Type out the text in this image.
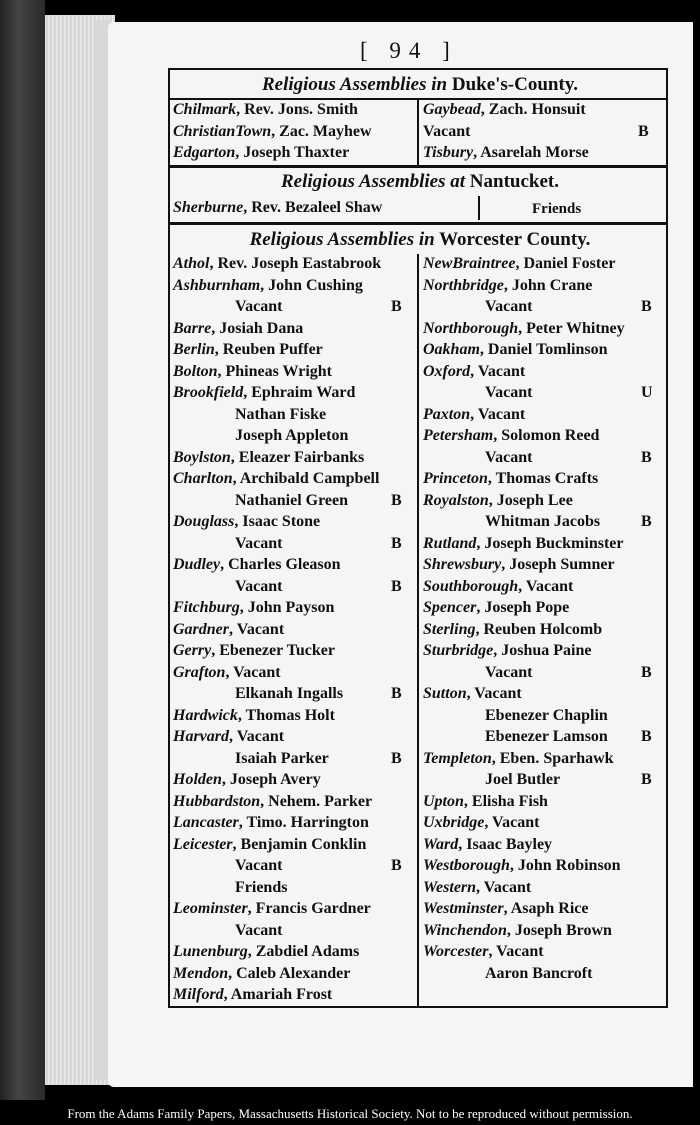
[ 94 ]
Religious Assemblies in Duke's-County.
Chilmark, Rev. Jons. Smith
ChristianTown, Zac. Mayhew
Edgarton, Joseph Thaxter
Gaybead, Zach. Honsuit
Vacant	B
Tisbury, Asarelah Morse
Religious Assemblies at Nantucket.
Sherburne, Rev. Bezaleel Shaw	Friends
Religious Assemblies in Worcester County.
Athol, Rev. Joseph Eastabrook
Ashburnham, John Cushing
Vacant	B
Barre, Josiah Dana
Berlin, Reuben Puffer
Bolton, Phineas Wright
Brookfield, Ephraim Ward
Nathan Fiske
Joseph Appleton
Boylston, Eleazer Fairbanks
Charlton, Archibald Campbell
Nathaniel Green	B
Douglass, Isaac Stone
Vacant	B
Dudley, Charles Gleason
Vacant	B
Fitchburg, John Payson
Gardner, Vacant
Gerry, Ebenezer Tucker
Grafton, Vacant
Elkanah Ingalls	B
Hardwick, Thomas Holt
Harvard, Vacant
Isaiah Parker	B
Holden, Joseph Avery
Hubbardston, Nehem. Parker
Lancaster, Timo. Harrington
Leicester, Benjamin Conklin
Vacant	B
Friends
Leominster, Francis Gardner
Vacant
Lunenburg, Zabdiel Adams
Mendon, Caleb Alexander
Milford, Amariah Frost
NewBraintree, Daniel Foster
Northbridge, John Crane
Vacant	B
Northborough, Peter Whitney
Oakham, Daniel Tomlinson
Oxford, Vacant
Vacant	U
Paxton, Vacant
Petersham, Solomon Reed
Vacant	B
Princeton, Thomas Crafts
Royalston, Joseph Lee
Whitman Jacobs	B
Rutland, Joseph Buckminster
Shrewsbury, Joseph Sumner
Southborough, Vacant
Spencer, Joseph Pope
Sterling, Reuben Holcomb
Sturbridge, Joshua Paine
Vacant	B
Sutton, Vacant
Ebenezer Chaplin
Ebenezer Lamson B
Templeton, Eben. Sparhawk
Joel Butler	B
Upton, Elisha Fish
Uxbridge, Vacant
Ward, Isaac Bayley
Westborough, John Robinson
Western, Vacant
Westminster, Asaph Rice
Winchendon, Joseph Brown
Worcester, Vacant
Aaron Bancroft
From the Adams Family Papers, Massachusetts Historical Society. Not to be reproduced without permission.
